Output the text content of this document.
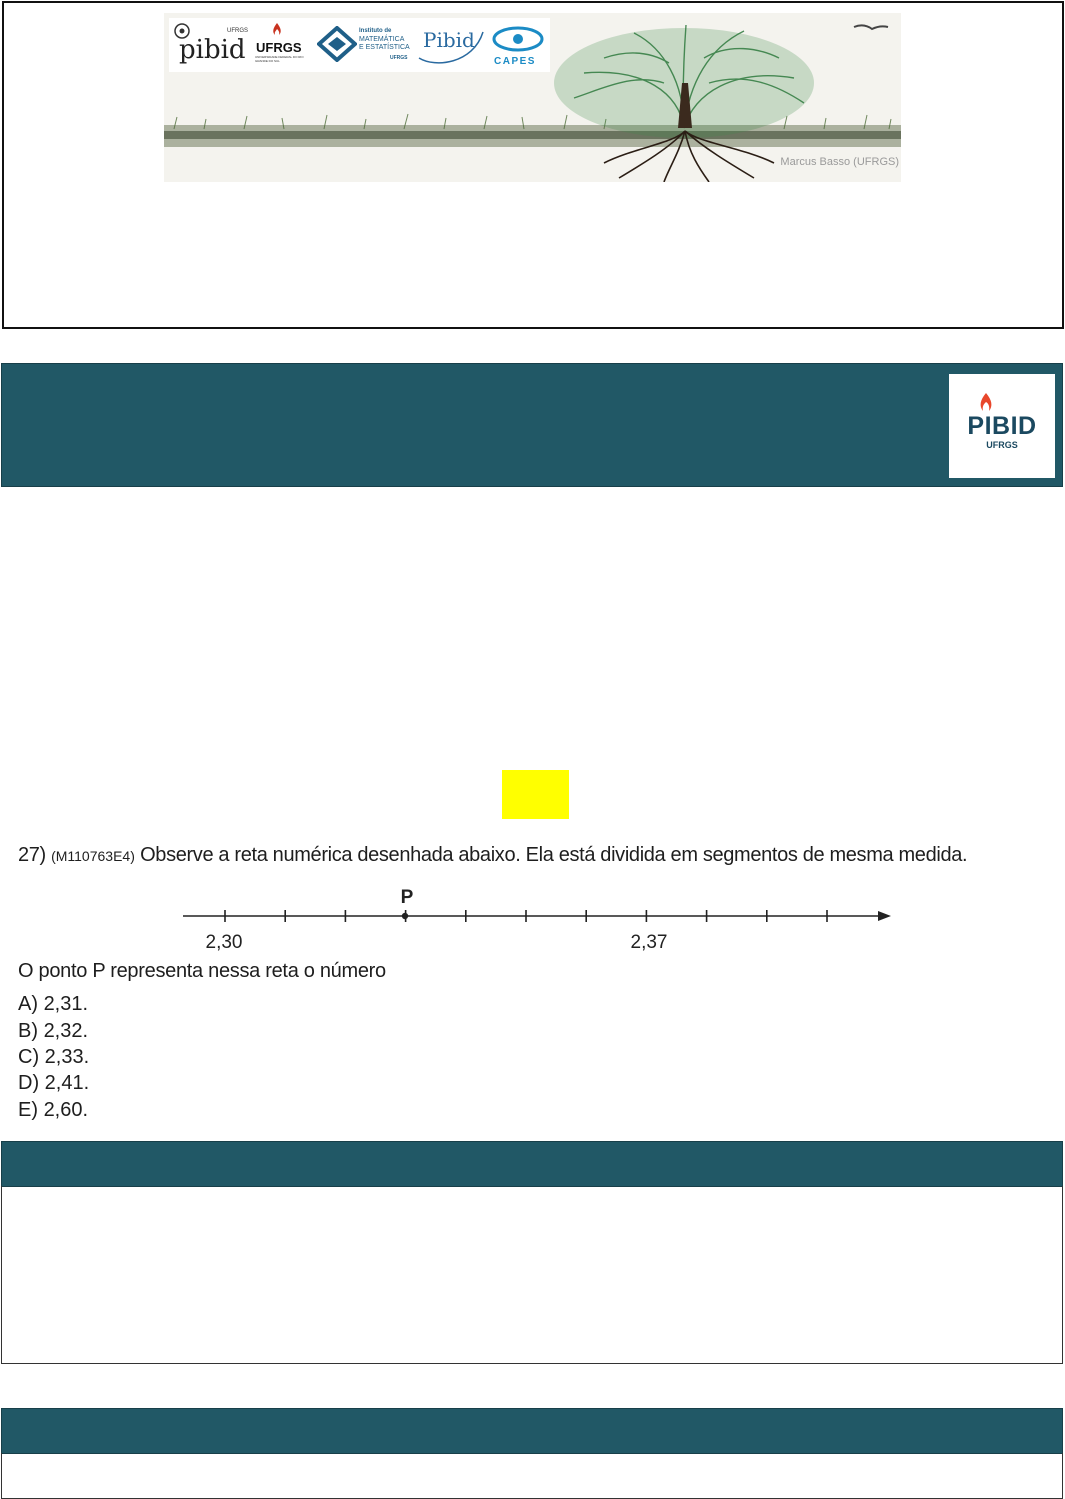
Marcus Basso (UFRGS)
UFRGS
pibid UFRGS
UNIVERSIDADE FEDERAL DO RIO GRANDE DO SUL
Instituto de
MATEMÁTICA
E ESTATÍSTICA
UFRGS
Pibid
CAPES
PIBID
UFRGS
27) (M110763E4) Observe a reta numérica desenhada abaixo. Ela está dividida em segmentos de mesma medida.
P
2,30	2,37
O ponto P representa nessa reta o número
A) 2,31.
B) 2,32.
C) 2,33.
D) 2,41.
E) 2,60.
